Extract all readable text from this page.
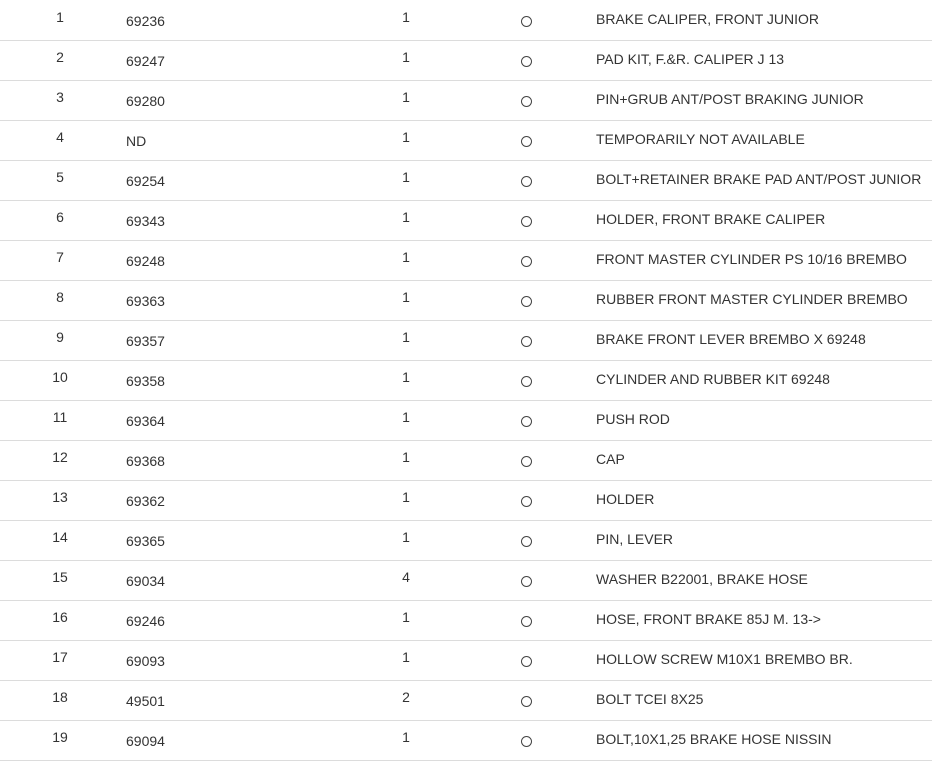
1	69236	1		BRAKE CALIPER, FRONT JUNIOR
2	69247	1		PAD KIT, F.&R. CALIPER J 13
3	69280	1		PIN+GRUB ANT/POST BRAKING JUNIOR
4	ND	1		TEMPORARILY NOT AVAILABLE
5	69254	1		BOLT+RETAINER BRAKE PAD ANT/POST JUNIOR
6	69343	1		HOLDER, FRONT BRAKE CALIPER
7	69248	1		FRONT MASTER CYLINDER PS 10/16 BREMBO
8	69363	1		RUBBER FRONT MASTER CYLINDER BREMBO
9	69357	1		BRAKE FRONT LEVER BREMBO X 69248
10	69358	1		CYLINDER AND RUBBER KIT 69248
11	69364	1		PUSH ROD
12	69368	1		CAP
13	69362	1		HOLDER
14	69365	1		PIN, LEVER
15	69034	4		WASHER B22001, BRAKE HOSE
16	69246	1		HOSE, FRONT BRAKE 85J M. 13->
17	69093	1		HOLLOW SCREW M10X1 BREMBO BR.
18	49501	2		BOLT TCEI 8X25
19	69094	1		BOLT,10X1,25 BRAKE HOSE NISSIN
